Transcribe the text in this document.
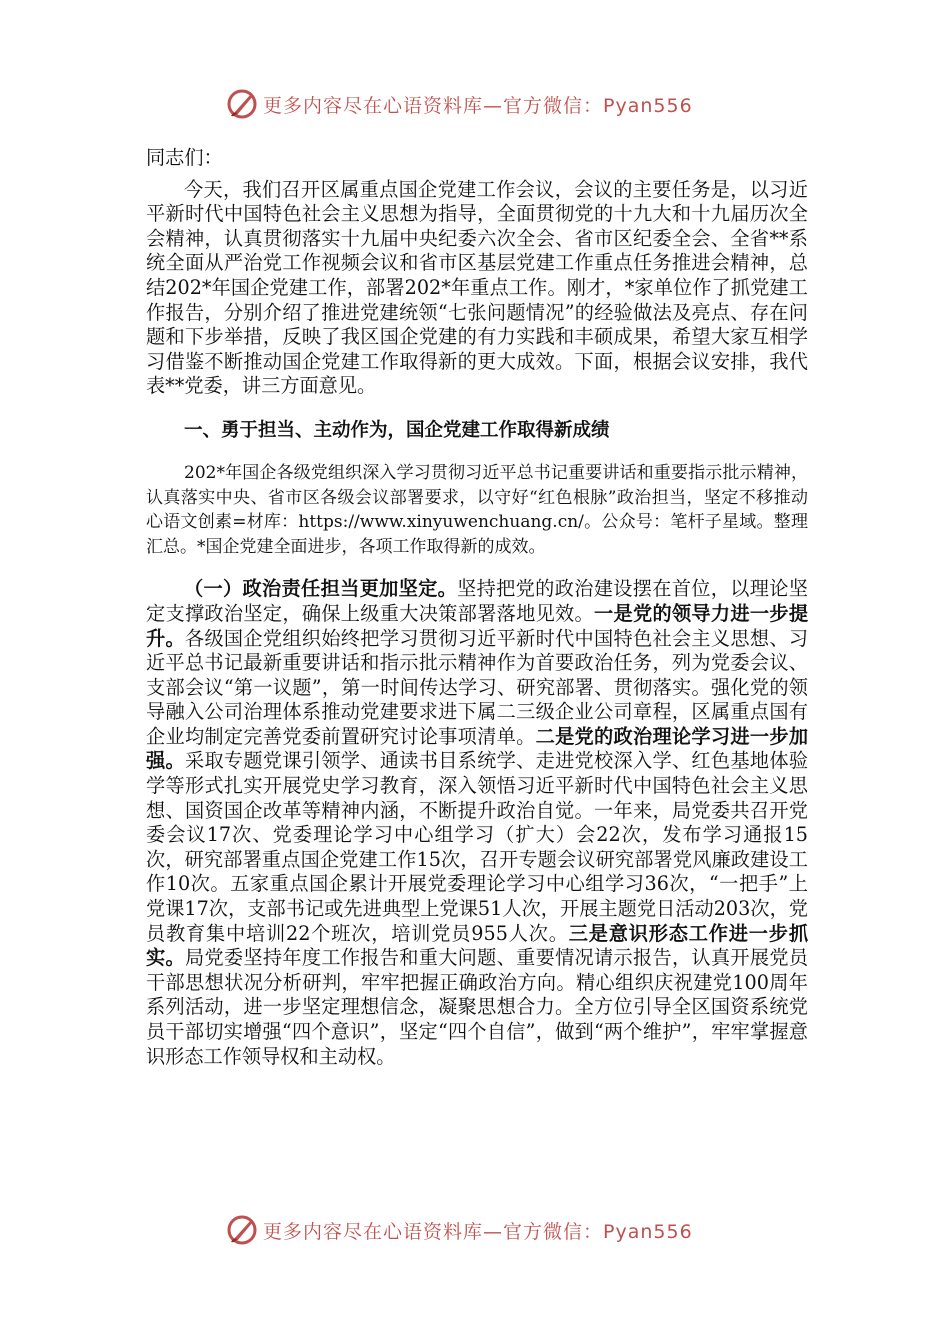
更多内容尽在心语资料库—官方微信：Pyan556

同志们：

今天，我们召开区属重点国企党建工作会议，会议的主要任务是，以习近平新时代中国特色社会主义思想为指导，全面贯彻党的十九大和十九届历次全会精神，认真贯彻落实十九届中央纪委六次全会、省市区纪委全会、全省**系统全面从严治党工作视频会议和省市区基层党建工作重点任务推进会精神，总结202*年国企党建工作，部署202*年重点工作。刚才，*家单位作了抓党建工作报告，分别介绍了推进党建统领“七张问题情况”的经验做法及亮点、存在问题和下步举措，反映了我区国企党建的有力实践和丰硕成果，希望大家互相学习借鉴不断推动国企党建工作取得新的更大成效。下面，根据会议安排，我代表**党委，讲三方面意见。

一、勇于担当、主动作为，国企党建工作取得新成绩

202*年国企各级党组织深入学习贯彻习近平总书记重要讲话和重要指示批示精神，认真落实中央、省市区各级会议部署要求，以守好“红色根脉”政治担当，坚定不移推动心语文创素=材库：https://www.xinyuwenchuang.cn/。公众号：笔杆子星域。整理汇总。*国企党建全面进步，各项工作取得新的成效。

（一）政治责任担当更加坚定。坚持把党的政治建设摆在首位，以理论坚定支撑政治坚定，确保上级重大决策部署落地见效。一是党的领导力进一步提升。各级国企党组织始终把学习贯彻习近平新时代中国特色社会主义思想、习近平总书记最新重要讲话和指示批示精神作为首要政治任务，列为党委会议、支部会议“第一议题”，第一时间传达学习、研究部署、贯彻落实。强化党的领导融入公司治理体系推动党建要求进下属二三级企业公司章程，区属重点国有企业均制定完善党委前置研究讨论事项清单。二是党的政治理论学习进一步加强。采取专题党课引领学、通读书目系统学、走进党校深入学、红色基地体验学等形式扎实开展党史学习教育，深入领悟习近平新时代中国特色社会主义思想、国资国企改革等精神内涵，不断提升政治自觉。一年来，局党委共召开党委会议17次、党委理论学习中心组学习（扩大）会22次，发布学习通报15次，研究部署重点国企党建工作15次，召开专题会议研究部署党风廉政建设工作10次。五家重点国企累计开展党委理论学习中心组学习36次，“一把手”上党课17次，支部书记或先进典型上党课51人次，开展主题党日活动203次，党员教育集中培训22个班次，培训党员955人次。三是意识形态工作进一步抓实。局党委坚持年度工作报告和重大问题、重要情况请示报告，认真开展党员干部思想状况分析研判，牢牢把握正确政治方向。精心组织庆祝建党100周年系列活动，进一步坚定理想信念，凝聚思想合力。全方位引导全区国资系统党员干部切实增强“四个意识”，坚定“四个自信”，做到“两个维护”，牢牢掌握意识形态工作领导权和主动权。

更多内容尽在心语资料库—官方微信：Pyan556
